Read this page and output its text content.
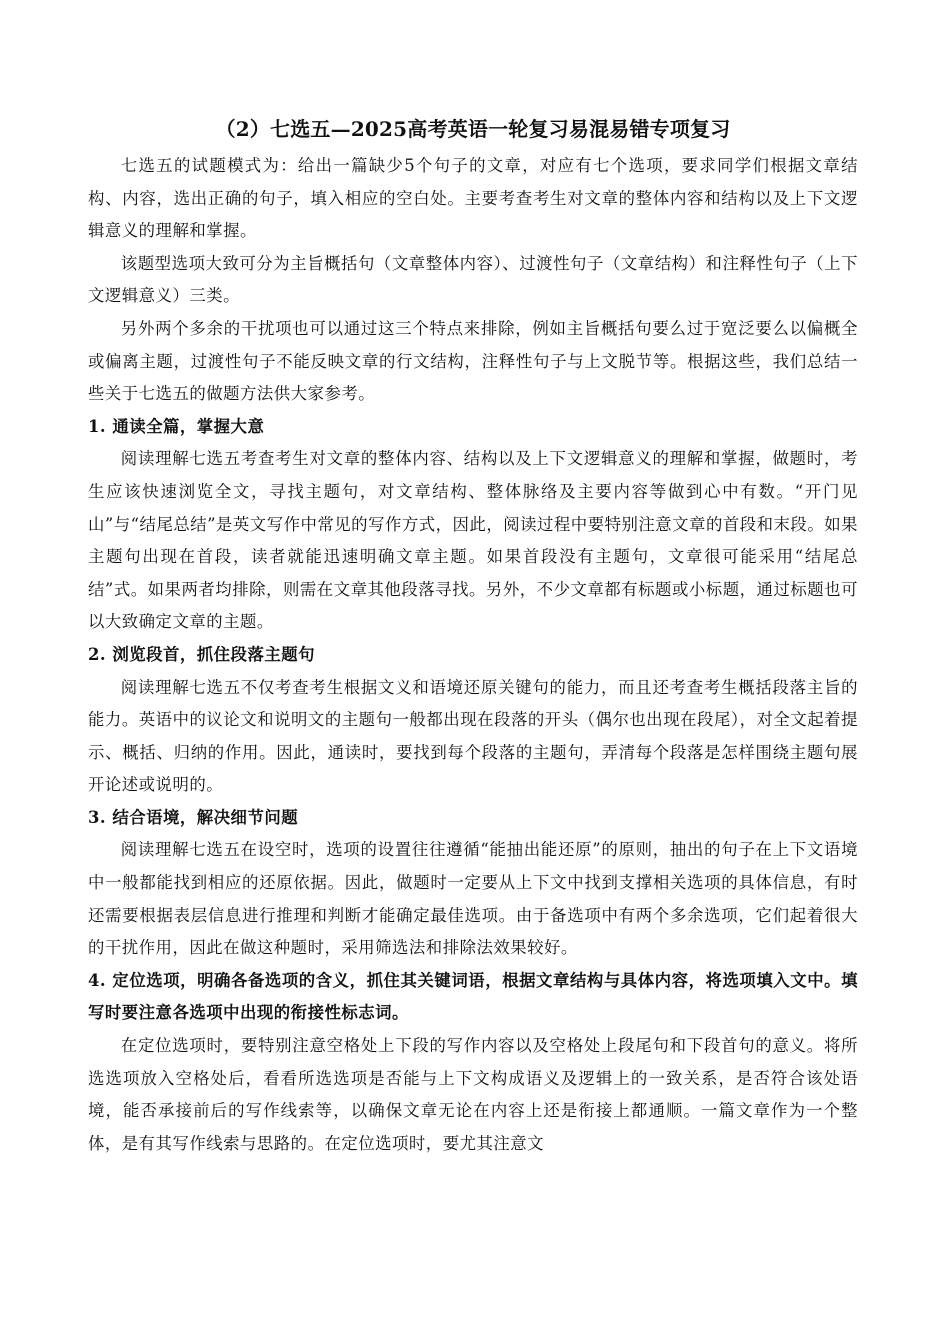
（2）七选五—2025高考英语一轮复习易混易错专项复习

七选五的试题模式为：给出一篇缺少5个句子的文章，对应有七个选项，要求同学们根据文章结构、内容，选出正确的句子，填入相应的空白处。主要考查考生对文章的整体内容和结构以及上下文逻辑意义的理解和掌握。

该题型选项大致可分为主旨概括句（文章整体内容）、过渡性句子（文章结构）和注释性句子（上下文逻辑意义）三类。

另外两个多余的干扰项也可以通过这三个特点来排除，例如主旨概括句要么过于宽泛要么以偏概全或偏离主题，过渡性句子不能反映文章的行文结构，注释性句子与上文脱节等。根据这些，我们总结一些关于七选五的做题方法供大家参考。

1. 通读全篇，掌握大意

阅读理解七选五考查考生对文章的整体内容、结构以及上下文逻辑意义的理解和掌握，做题时，考生应该快速浏览全文，寻找主题句，对文章结构、整体脉络及主要内容等做到心中有数。“开门见山”与“结尾总结”是英文写作中常见的写作方式，因此，阅读过程中要特别注意文章的首段和末段。如果主题句出现在首段，读者就能迅速明确文章主题。如果首段没有主题句，文章很可能采用“结尾总结”式。如果两者均排除，则需在文章其他段落寻找。另外，不少文章都有标题或小标题，通过标题也可以大致确定文章的主题。

2. 浏览段首，抓住段落主题句

阅读理解七选五不仅考查考生根据文义和语境还原关键句的能力，而且还考查考生概括段落主旨的能力。英语中的议论文和说明文的主题句一般都出现在段落的开头（偶尔也出现在段尾），对全文起着提示、概括、归纳的作用。因此，通读时，要找到每个段落的主题句，弄清每个段落是怎样围绕主题句展开论述或说明的。

3. 结合语境，解决细节问题

阅读理解七选五在设空时，选项的设置往往遵循“能抽出能还原”的原则，抽出的句子在上下文语境中一般都能找到相应的还原依据。因此，做题时一定要从上下文中找到支撑相关选项的具体信息，有时还需要根据表层信息进行推理和判断才能确定最佳选项。由于备选项中有两个多余选项，它们起着很大的干扰作用，因此在做这种题时，采用筛选法和排除法效果较好。

4. 定位选项，明确各备选项的含义，抓住其关键词语，根据文章结构与具体内容，将选项填入文中。填写时要注意各选项中出现的衔接性标志词。

在定位选项时，要特别注意空格处上下段的写作内容以及空格处上段尾句和下段首句的意义。将所选选项放入空格处后，看看所选选项是否能与上下文构成语义及逻辑上的一致关系，是否符合该处语境，能否承接前后的写作线索等，以确保文章无论在内容上还是衔接上都通顺。一篇文章作为一个整体，是有其写作线索与思路的。在定位选项时，要尤其注意文
